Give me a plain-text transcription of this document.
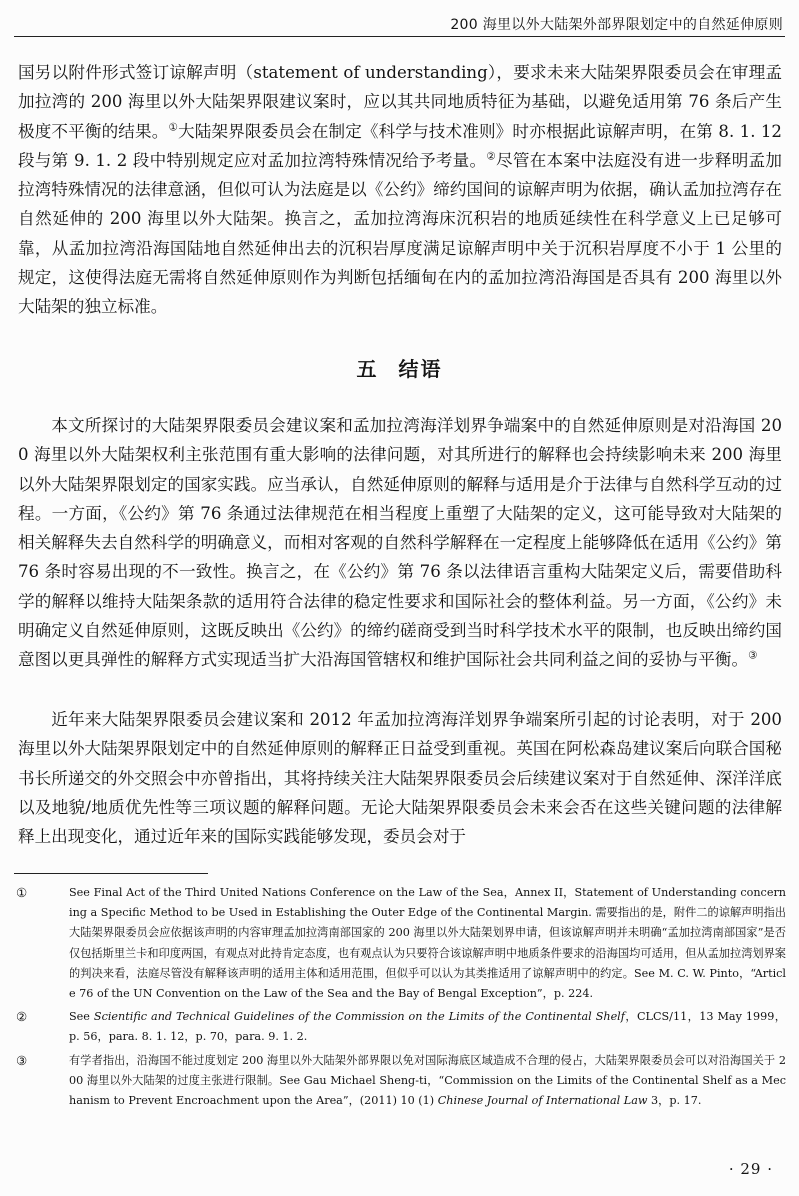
200 海里以外大陆架外部界限划定中的自然延伸原则
国另以附件形式签订谅解声明（statement of understanding），要求未来大陆架界限委员会在审理孟加拉湾的 200 海里以外大陆架界限建议案时，应以其共同地质特征为基础，以避免适用第 76 条后产生极度不平衡的结果。①大陆架界限委员会在制定《科学与技术准则》时亦根据此谅解声明，在第 8. 1. 12 段与第 9. 1. 2 段中特别规定应对孟加拉湾特殊情况给予考量。②尽管在本案中法庭没有进一步释明孟加拉湾特殊情况的法律意涵，但似可认为法庭是以《公约》缔约国间的谅解声明为依据，确认孟加拉湾存在自然延伸的 200 海里以外大陆架。换言之，孟加拉湾海床沉积岩的地质延续性在科学意义上已足够可靠，从孟加拉湾沿海国陆地自然延伸出去的沉积岩厚度满足谅解声明中关于沉积岩厚度不小于 1 公里的规定，这使得法庭无需将自然延伸原则作为判断包括缅甸在内的孟加拉湾沿海国是否具有 200 海里以外大陆架的独立标准。
五 结语
本文所探讨的大陆架界限委员会建议案和孟加拉湾海洋划界争端案中的自然延伸原则是对沿海国 200 海里以外大陆架权利主张范围有重大影响的法律问题，对其所进行的解释也会持续影响未来 200 海里以外大陆架界限划定的国家实践。应当承认，自然延伸原则的解释与适用是介于法律与自然科学互动的过程。一方面，《公约》第 76 条通过法律规范在相当程度上重塑了大陆架的定义，这可能导致对大陆架的相关解释失去自然科学的明确意义，而相对客观的自然科学解释在一定程度上能够降低在适用《公约》第 76 条时容易出现的不一致性。换言之，在《公约》第 76 条以法律语言重构大陆架定义后，需要借助科学的解释以维持大陆架条款的适用符合法律的稳定性要求和国际社会的整体利益。另一方面，《公约》未明确定义自然延伸原则，这既反映出《公约》的缔约磋商受到当时科学技术水平的限制，也反映出缔约国意图以更具弹性的解释方式实现适当扩大沿海国管辖权和维护国际社会共同利益之间的妥协与平衡。③
近年来大陆架界限委员会建议案和 2012 年孟加拉湾海洋划界争端案所引起的讨论表明，对于 200 海里以外大陆架界限划定中的自然延伸原则的解释正日益受到重视。英国在阿松森岛建议案后向联合国秘书长所递交的外交照会中亦曾指出，其将持续关注大陆架界限委员会后续建议案对于自然延伸、深洋洋底以及地貌/地质优先性等三项议题的解释问题。无论大陆架界限委员会未来会否在这些关键问题的法律解释上出现变化，通过近年来的国际实践能够发现，委员会对于
①	See Final Act of the Third United Nations Conference on the Law of the Sea，Annex II，Statement of Understanding concerning a Specific Method to be Used in Establishing the Outer Edge of the Continental Margin. 需要指出的是，附件二的谅解声明指出大陆架界限委员会应依据该声明的内容审理孟加拉湾南部国家的 200 海里以外大陆架划界申请，但该谅解声明并未明确“孟加拉湾南部国家”是否仅包括斯里兰卡和印度两国，有观点对此持肯定态度，也有观点认为只要符合该谅解声明中地质条件要求的沿海国均可适用，但从孟加拉湾划界案的判决来看，法庭尽管没有解释该声明的适用主体和适用范围，但似乎可以认为其类推适用了谅解声明中的约定。See M. C. W. Pinto，“Article 76 of the UN Convention on the Law of the Sea and the Bay of Bengal Exception”，p. 224.
②	See Scientific and Technical Guidelines of the Commission on the Limits of the Continental Shelf，CLCS/11，13 May 1999，p. 56，para. 8. 1. 12，p. 70，para. 9. 1. 2.
③	有学者指出，沿海国不能过度划定 200 海里以外大陆架外部界限以免对国际海底区域造成不合理的侵占，大陆架界限委员会可以对沿海国关于 200 海里以外大陆架的过度主张进行限制。See Gau Michael Sheng-ti，“Commission on the Limits of the Continental Shelf as a Mechanism to Prevent Encroachment upon the Area”，(2011) 10 (1) Chinese Journal of International Law 3，p. 17.
· 29 ·
